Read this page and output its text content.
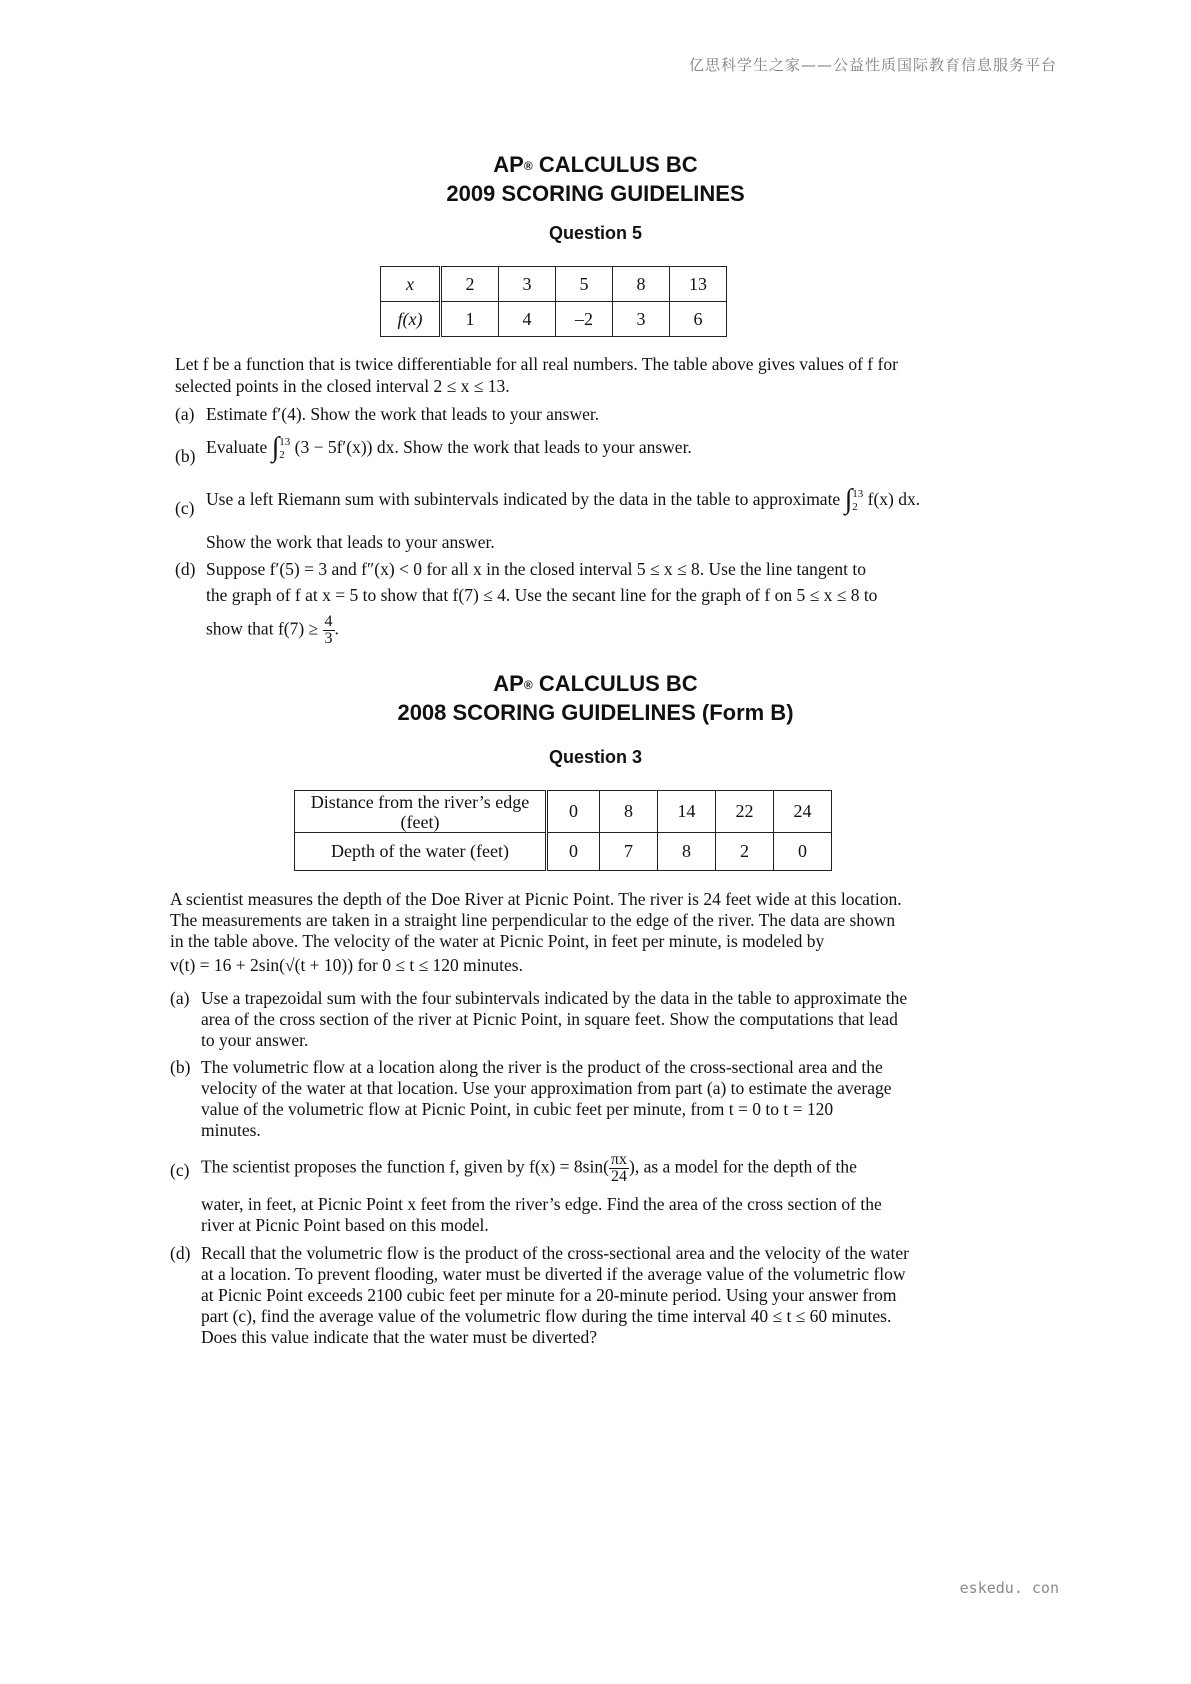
亿思科学生之家——公益性质国际教育信息服务平台
eskedu. con
AP® CALCULUS BC
2009 SCORING GUIDELINES
Question 5
x	2	3	5	8	13
f(x)	1	4	–2	3	6

Let f be a function that is twice differentiable for all real numbers. The table above gives values of f for

selected points in the closed interval 2 ≤ x ≤ 13.

(a) Estimate f′(4). Show the work that leads to your answer.
(b) Evaluate ∫13
2 (3 − 5f′(x)) dx. Show the work that leads to your answer.
(c) Use a left Riemann sum with subintervals indicated by the data in the table to approximate ∫13
2 f(x) dx.
Show the work that leads to your answer.
(d) Suppose f′(5) = 3 and f″(x) < 0 for all x in the closed interval 5 ≤ x ≤ 8. Use the line tangent to
the graph of f at x = 5 to show that f(7) ≤ 4. Use the secant line for the graph of f on 5 ≤ x ≤ 8 to
show that $f(7) \ge \frac{4}{3}$ .
AP® CALCULUS BC
2008 SCORING GUIDELINES (Form B)
Question 3
Distance from the river’s edge (feet)	0	8	14	22	24
Depth of the water (feet)	0	7	8	2	0

A scientist measures the depth of the Doe River at Picnic Point. The river is 24 feet wide at this location.

The measurements are taken in a straight line perpendicular to the edge of the river. The data are shown

in the table above. The velocity of the water at Picnic Point, in feet per minute, is modeled by

v(t) = 16 + 2sin(√(t + 10)) for 0 ≤ t ≤ 120 minutes.

(a) Use a trapezoidal sum with the four subintervals indicated by the data in the table to approximate the
area of the cross section of the river at Picnic Point, in square feet. Show the computations that lead
to your answer.
(b) The volumetric flow at a location along the river is the product of the cross-sectional area and the
velocity of the water at that location. Use your approximation from part (a) to estimate the average
value of the volumetric flow at Picnic Point, in cubic feet per minute, from t = 0 to t = 120
minutes.
(c) The scientist proposes the function f, given by $f(x) = 8\sin( \frac{\pi x}{24}$ ), as a model for the depth of the
water, in feet, at Picnic Point x feet from the river’s edge. Find the area of the cross section of the
river at Picnic Point based on this model.
(d) Recall that the volumetric flow is the product of the cross-sectional area and the velocity of the water
at a location. To prevent flooding, water must be diverted if the average value of the volumetric flow
at Picnic Point exceeds 2100 cubic feet per minute for a 20-minute period. Using your answer from
part (c), find the average value of the volumetric flow during the time interval 40 ≤ t ≤ 60 minutes.
Does this value indicate that the water must be diverted?
